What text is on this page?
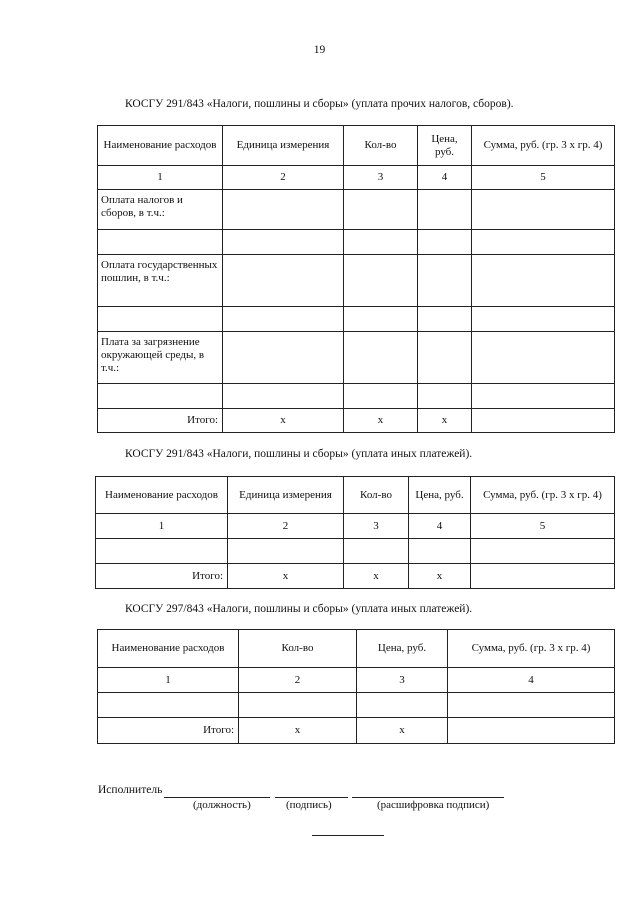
19
КОСГУ 291/843 «Налоги, пошлины и сборы» (уплата прочих налогов, сборов).
Наименование расходов	Единица измерения	Кол-во	Цена, руб.	Сумма, руб. (гр. 3 х гр. 4)
1	2	3	4	5
Оплата налогов и сборов, в т.ч.:				

Оплата государственных пошлин, в т.ч.:				

Плата за загрязнение окружающей среды, в т.ч.:				

Итого:	х	х	х	
КОСГУ 291/843 «Налоги, пошлины и сборы» (уплата иных платежей).
Наименование расходов	Единица измерения	Кол-во	Цена, руб.	Сумма, руб. (гр. 3 х гр. 4)
1	2	3	4	5

Итого:	х	х	х	
КОСГУ 297/843 «Налоги, пошлины и сборы» (уплата иных платежей).
Наименование расходов	Кол-во	Цена, руб.	Сумма, руб. (гр. 3 х гр. 4)
1	2	3	4

Итого:	х	х	
Исполнитель
(должность)	(подпись)	(расшифровка подписи)
